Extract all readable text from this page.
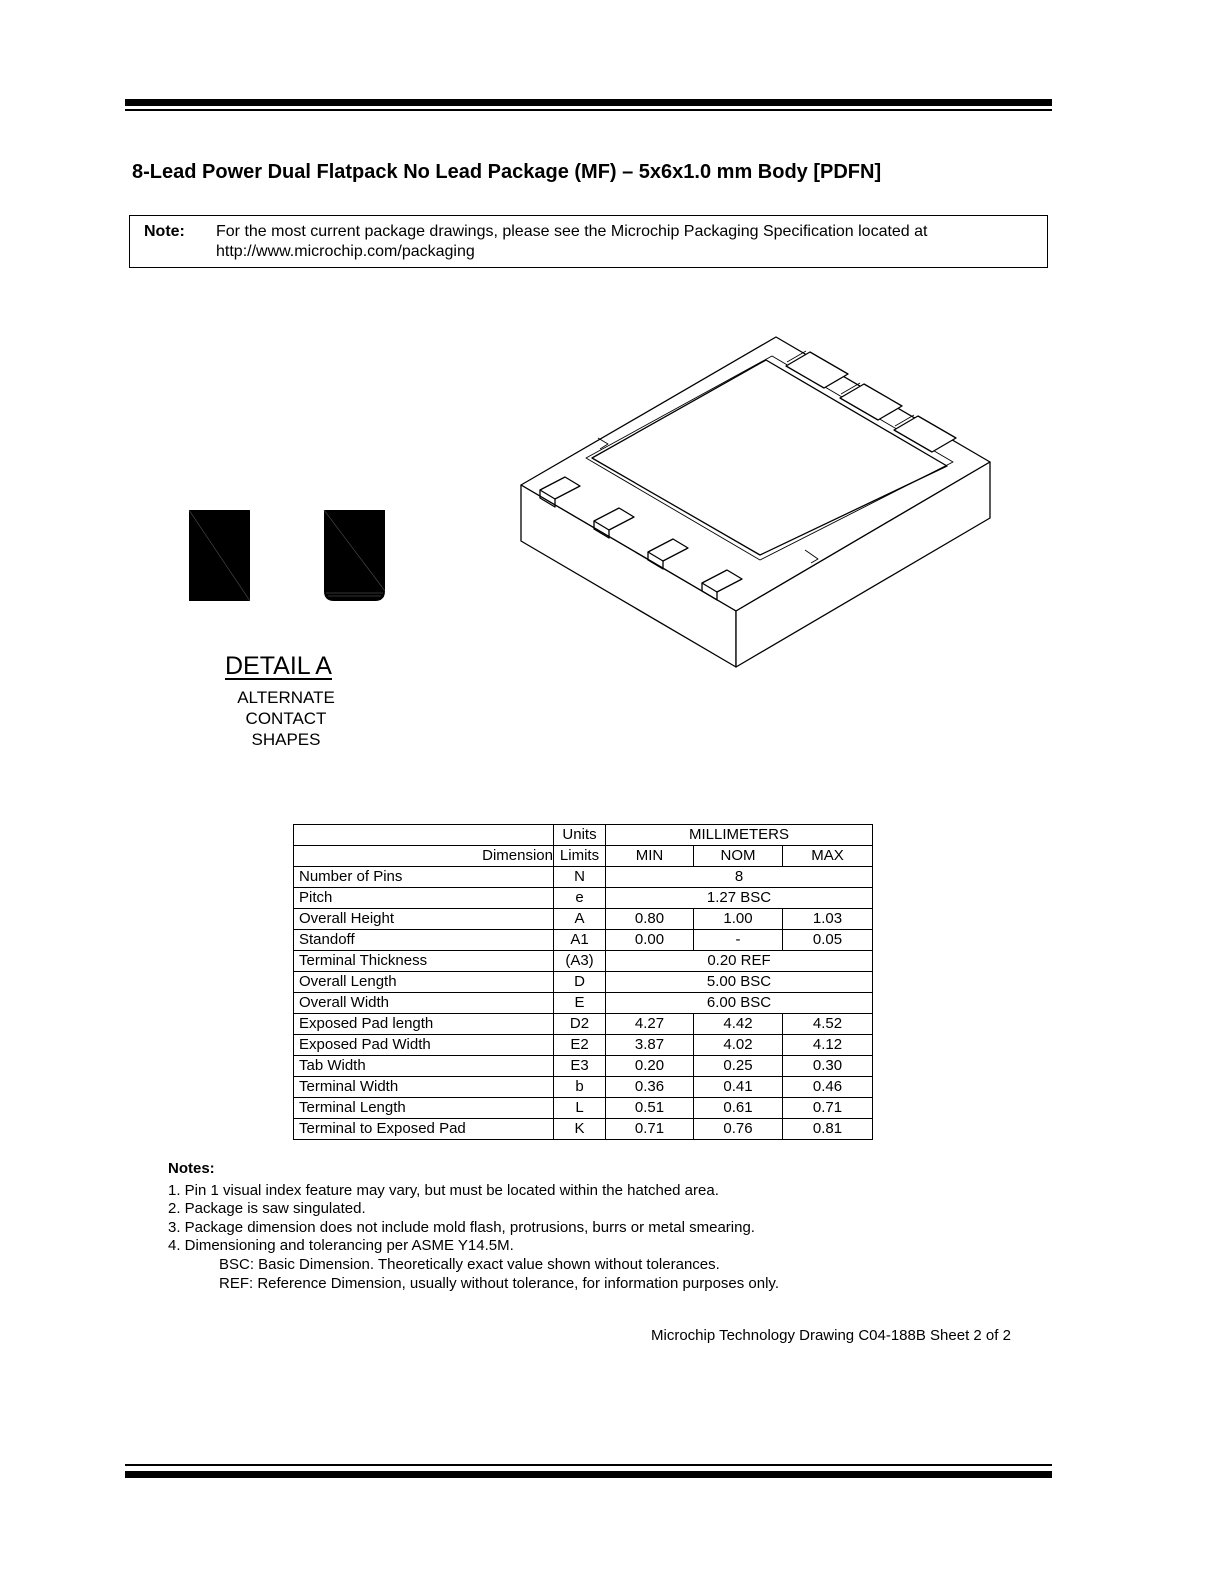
8-Lead Power Dual Flatpack No Lead Package (MF) – 5x6x1.0 mm Body [PDFN]
Note: For the most current package drawings, please see the Microchip Packaging Specification located at
http://www.microchip.com/packaging
DETAIL A
ALTERNATE
CONTACT
SHAPES
	Units	MILLIMETERS		
Dimension	Limits	MIN	NOM	MAX
Number of Pins	N	8		
Pitch	e	1.27 BSC		
Overall Height	A	0.80	1.00	1.03
Standoff	A1	0.00	-	0.05
Terminal Thickness	(A3)	0.20 REF		
Overall Length	D	5.00 BSC		
Overall Width	E	6.00 BSC		
Exposed Pad length	D2	4.27	4.42	4.52
Exposed Pad Width	E2	3.87	4.02	4.12
Tab Width	E3	0.20	0.25	0.30
Terminal Width	b	0.36	0.41	0.46
Terminal Length	L	0.51	0.61	0.71
Terminal to Exposed Pad	K	0.71	0.76	0.81
Notes:
1. Pin 1 visual index feature may vary, but must be located within the hatched area.
2. Package is saw singulated.
3. Package dimension does not include mold flash, protrusions, burrs or metal smearing.
4. Dimensioning and tolerancing per ASME Y14.5M.
BSC: Basic Dimension. Theoretically exact value shown without tolerances.
REF: Reference Dimension, usually without tolerance, for information purposes only.
Microchip Technology Drawing C04-188B Sheet 2 of 2
